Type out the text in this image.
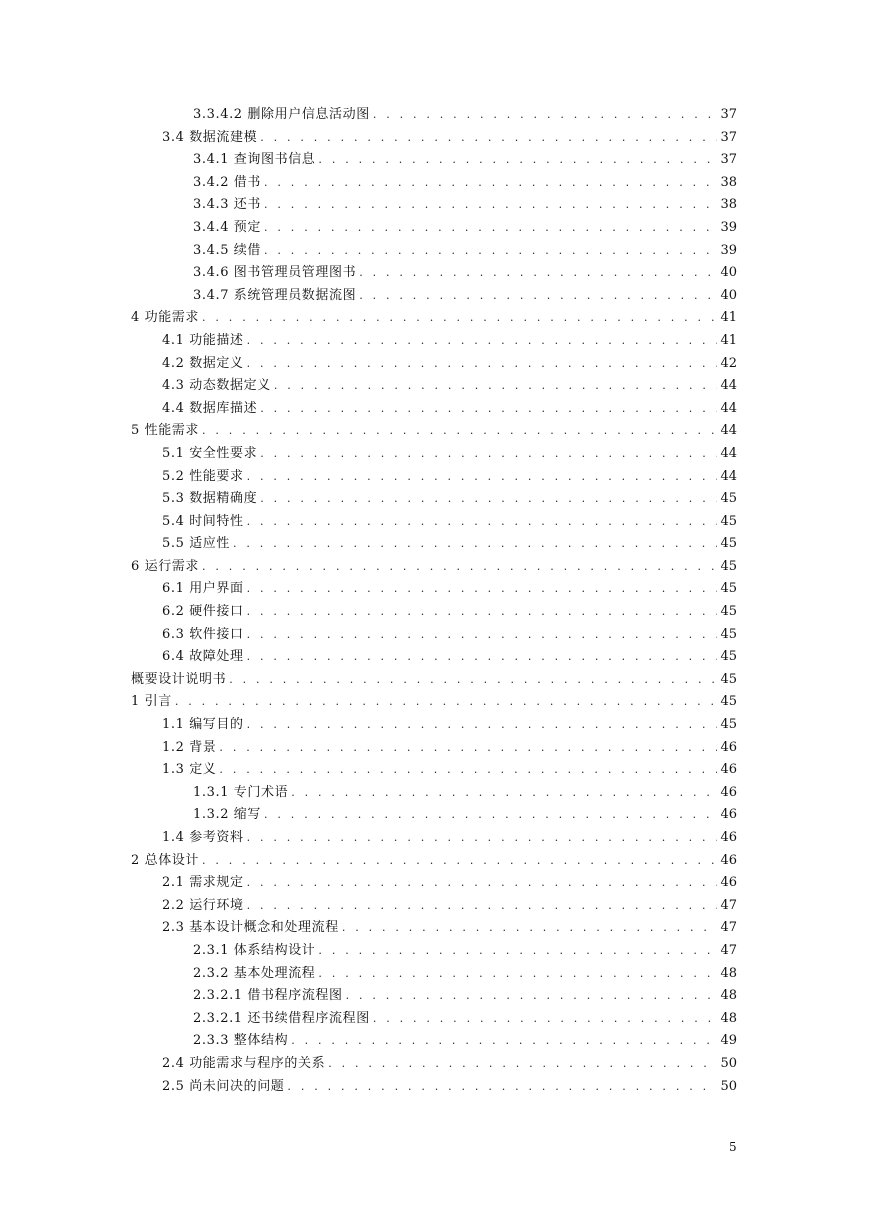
3.3.4.2 删除用户信息活动图 . . .	37
3.4 数据流建模 . . .	37
3.4.1 查询图书信息 . . .	37
3.4.2 借书 . . .	38
3.4.3 还书 . . .	38
3.4.4 预定 . . .	39
3.4.5 续借 . . .	39
3.4.6 图书管理员管理图书 . . .	40
3.4.7 系统管理员数据流图 . . .	40
4 功能需求 . . .	41
4.1 功能描述 . . .	41
4.2 数据定义 . . .	42
4.3 动态数据定义 . . .	44
4.4 数据库描述 . . .	44
5 性能需求 . . .	44
5.1 安全性要求 . . .	44
5.2 性能要求 . . .	44
5.3 数据精确度 . . .	45
5.4 时间特性 . . .	45
5.5 适应性 . . .	45
6 运行需求 . . .	45
6.1 用户界面 . . .	45
6.2 硬件接口 . . .	45
6.3 软件接口 . . .	45
6.4 故障处理 . . .	45
概要设计说明书 . . .	45
1 引言 . . .	45
1.1 编写目的 . . .	45
1.2 背景 . . .	46
1.3 定义 . . .	46
1.3.1 专门术语 . . .	46
1.3.2 缩写 . . .	46
1.4 参考资料 . . .	46
2 总体设计 . . .	46
2.1 需求规定 . . .	46
2.2 运行环境 . . .	47
2.3 基本设计概念和处理流程 . . .	47
2.3.1 体系结构设计 . . .	47
2.3.2 基本处理流程 . . .	48
2.3.2.1 借书程序流程图 . . .	48
2.3.2.1 还书续借程序流程图 . . .	48
2.3.3 整体结构 . . .	49
2.4 功能需求与程序的关系 . . .	50
2.5 尚未问决的问题 . . .	50
5
